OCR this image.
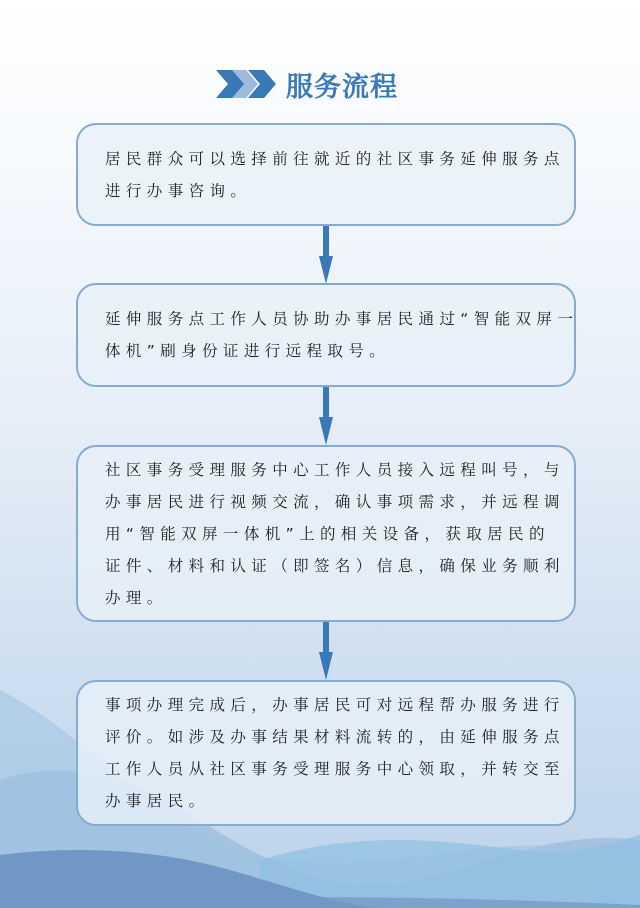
服务流程
居民群众可以选择前往就近的社区事务延伸服务点
进行办事咨询。
延伸服务点工作人员协助办事居民通过“智能双屏一
体机”刷身份证进行远程取号。
社区事务受理服务中心工作人员接入远程叫号，与
办事居民进行视频交流，确认事项需求，并远程调
用“智能双屏一体机”上的相关设备，获取居民的
证件、材料和认证（即签名）信息，确保业务顺利
办理。
事项办理完成后，办事居民可对远程帮办服务进行
评价。如涉及办事结果材料流转的，由延伸服务点
工作人员从社区事务受理服务中心领取，并转交至
办事居民。
